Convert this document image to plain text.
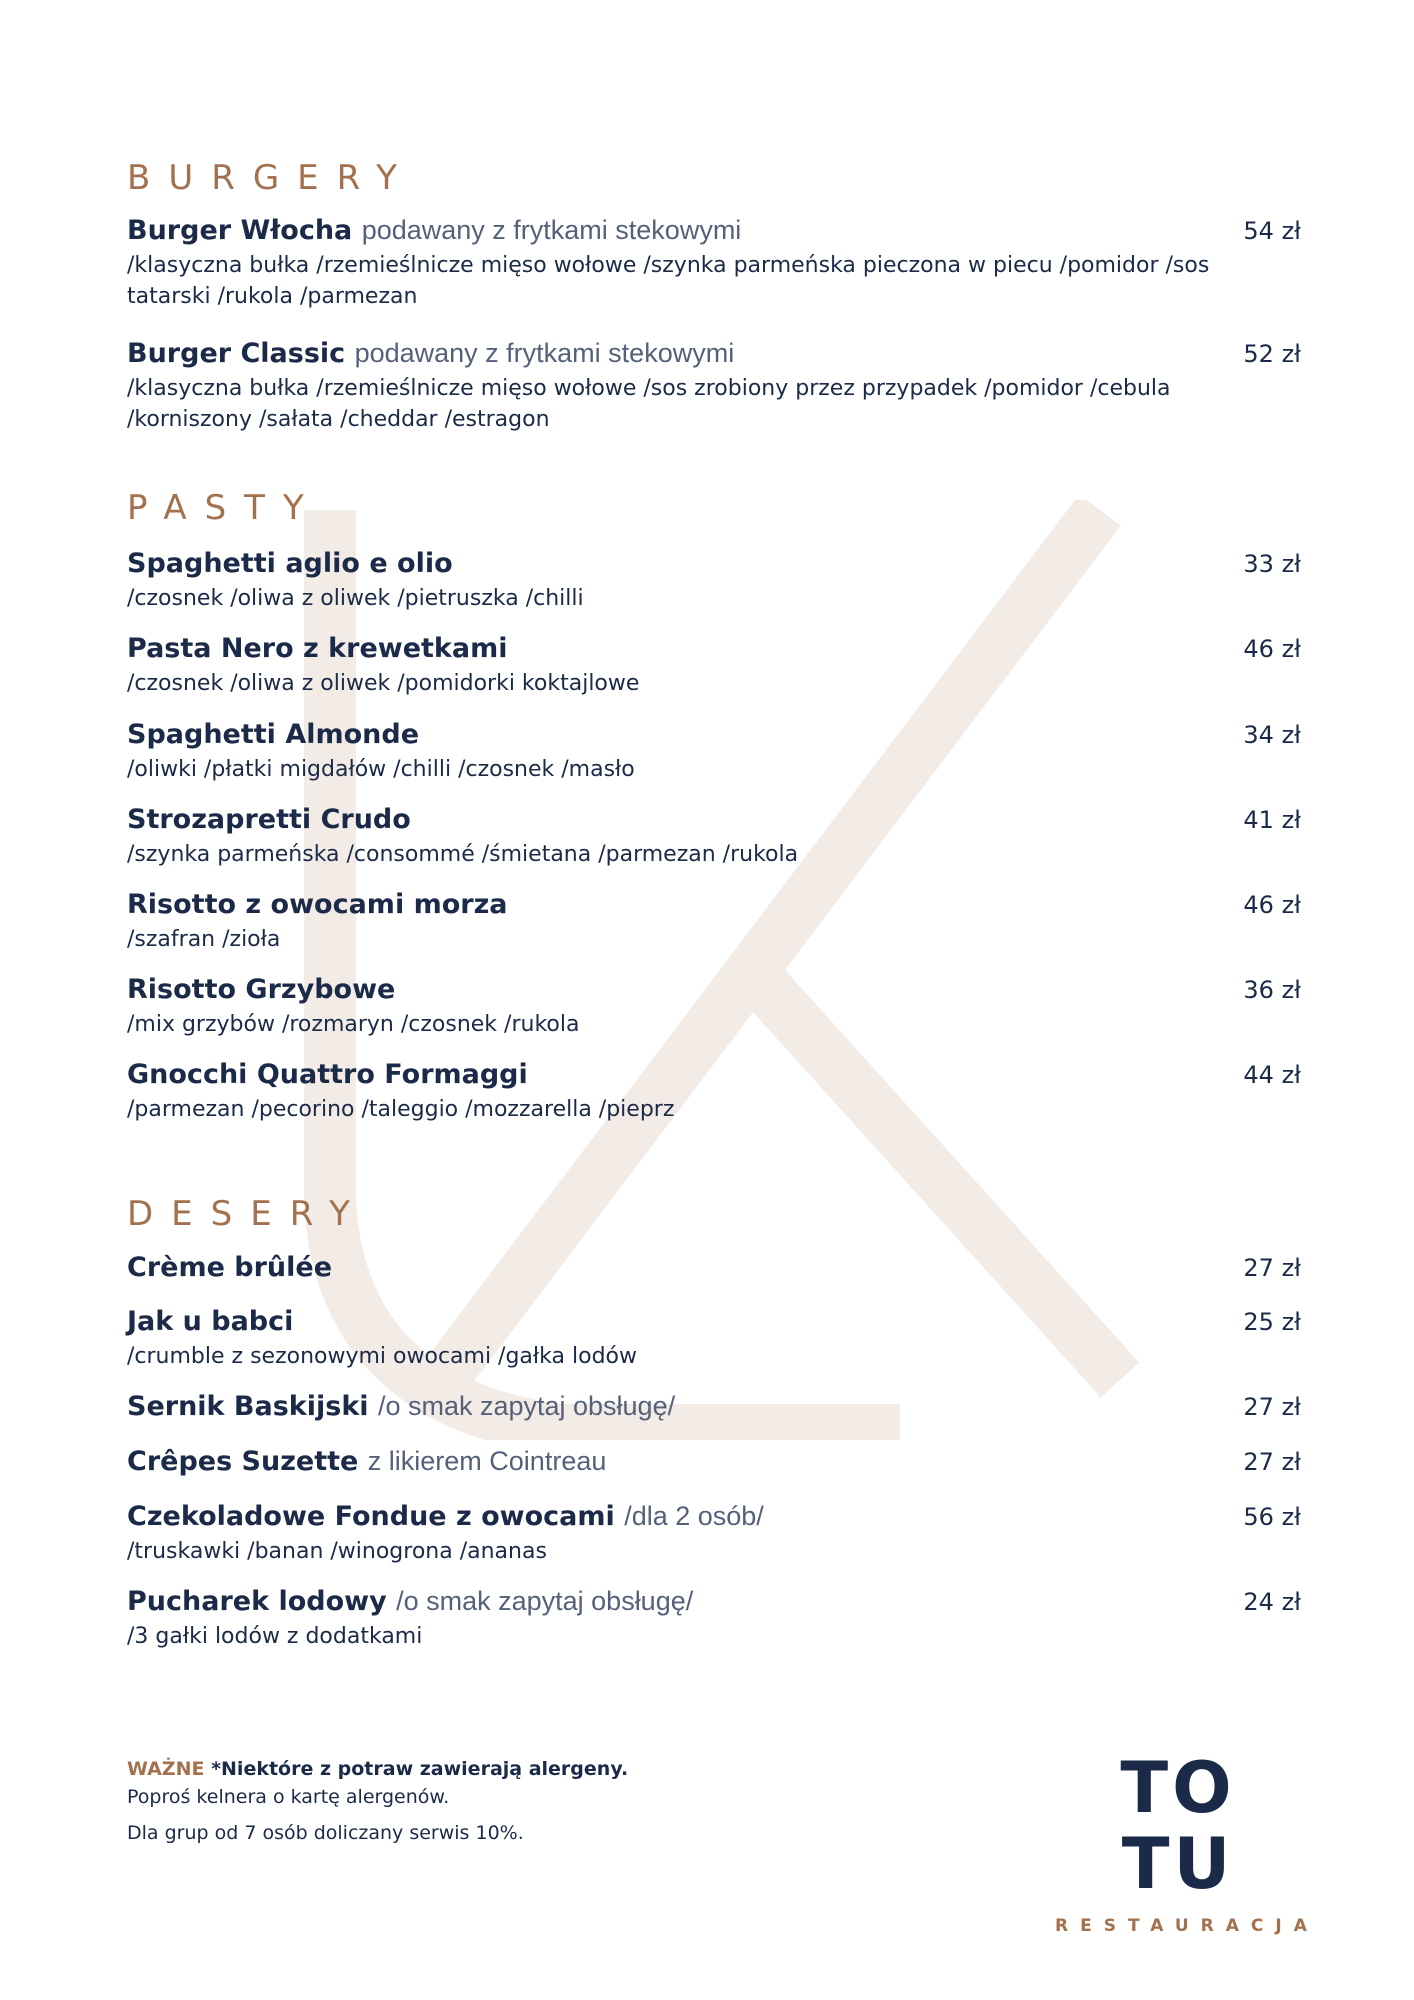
BURGERY
Burger Włocha podawany z frytkami stekowymi	54 zł
/klasyczna bułka /rzemieślnicze mięso wołowe /szynka parmeńska pieczona w piecu /pomidor /sos tatarski /rukola /parmezan
Burger Classic podawany z frytkami stekowymi	52 zł
/klasyczna bułka /rzemieślnicze mięso wołowe /sos zrobiony przez przypadek /pomidor /cebula /korniszony /sałata /cheddar /estragon
PASTY
Spaghetti aglio e olio	33 zł
/czosnek /oliwa z oliwek /pietruszka /chilli
Pasta Nero z krewetkami	46 zł
/czosnek /oliwa z oliwek /pomidorki koktajlowe
Spaghetti Almonde	34 zł
/oliwki /płatki migdałów /chilli /czosnek /masło
Strozapretti Crudo	41 zł
/szynka parmeńska /consommé /śmietana /parmezan /rukola
Risotto z owocami morza	46 zł
/szafran /zioła
Risotto Grzybowe	36 zł
/mix grzybów /rozmaryn /czosnek /rukola
Gnocchi Quattro Formaggi	44 zł
/parmezan /pecorino /taleggio /mozzarella /pieprz
DESERY
Crème brûlée	27 zł
Jak u babci	25 zł
/crumble z sezonowymi owocami /gałka lodów
Sernik Baskijski /o smak zapytaj obsługę/	27 zł
Crêpes Suzette z likierem Cointreau	27 zł
Czekoladowe Fondue z owocami /dla 2 osób/	56 zł
/truskawki /banan /winogrona /ananas
Pucharek lodowy /o smak zapytaj obsługę/	24 zł
/3 gałki lodów z dodatkami
WAŻNE *Niektóre z potraw zawierają alergeny.
Poproś kelnera o kartę alergenów.
Dla grup od 7 osób doliczany serwis 10%.
TO TU
RESTAURACJA
